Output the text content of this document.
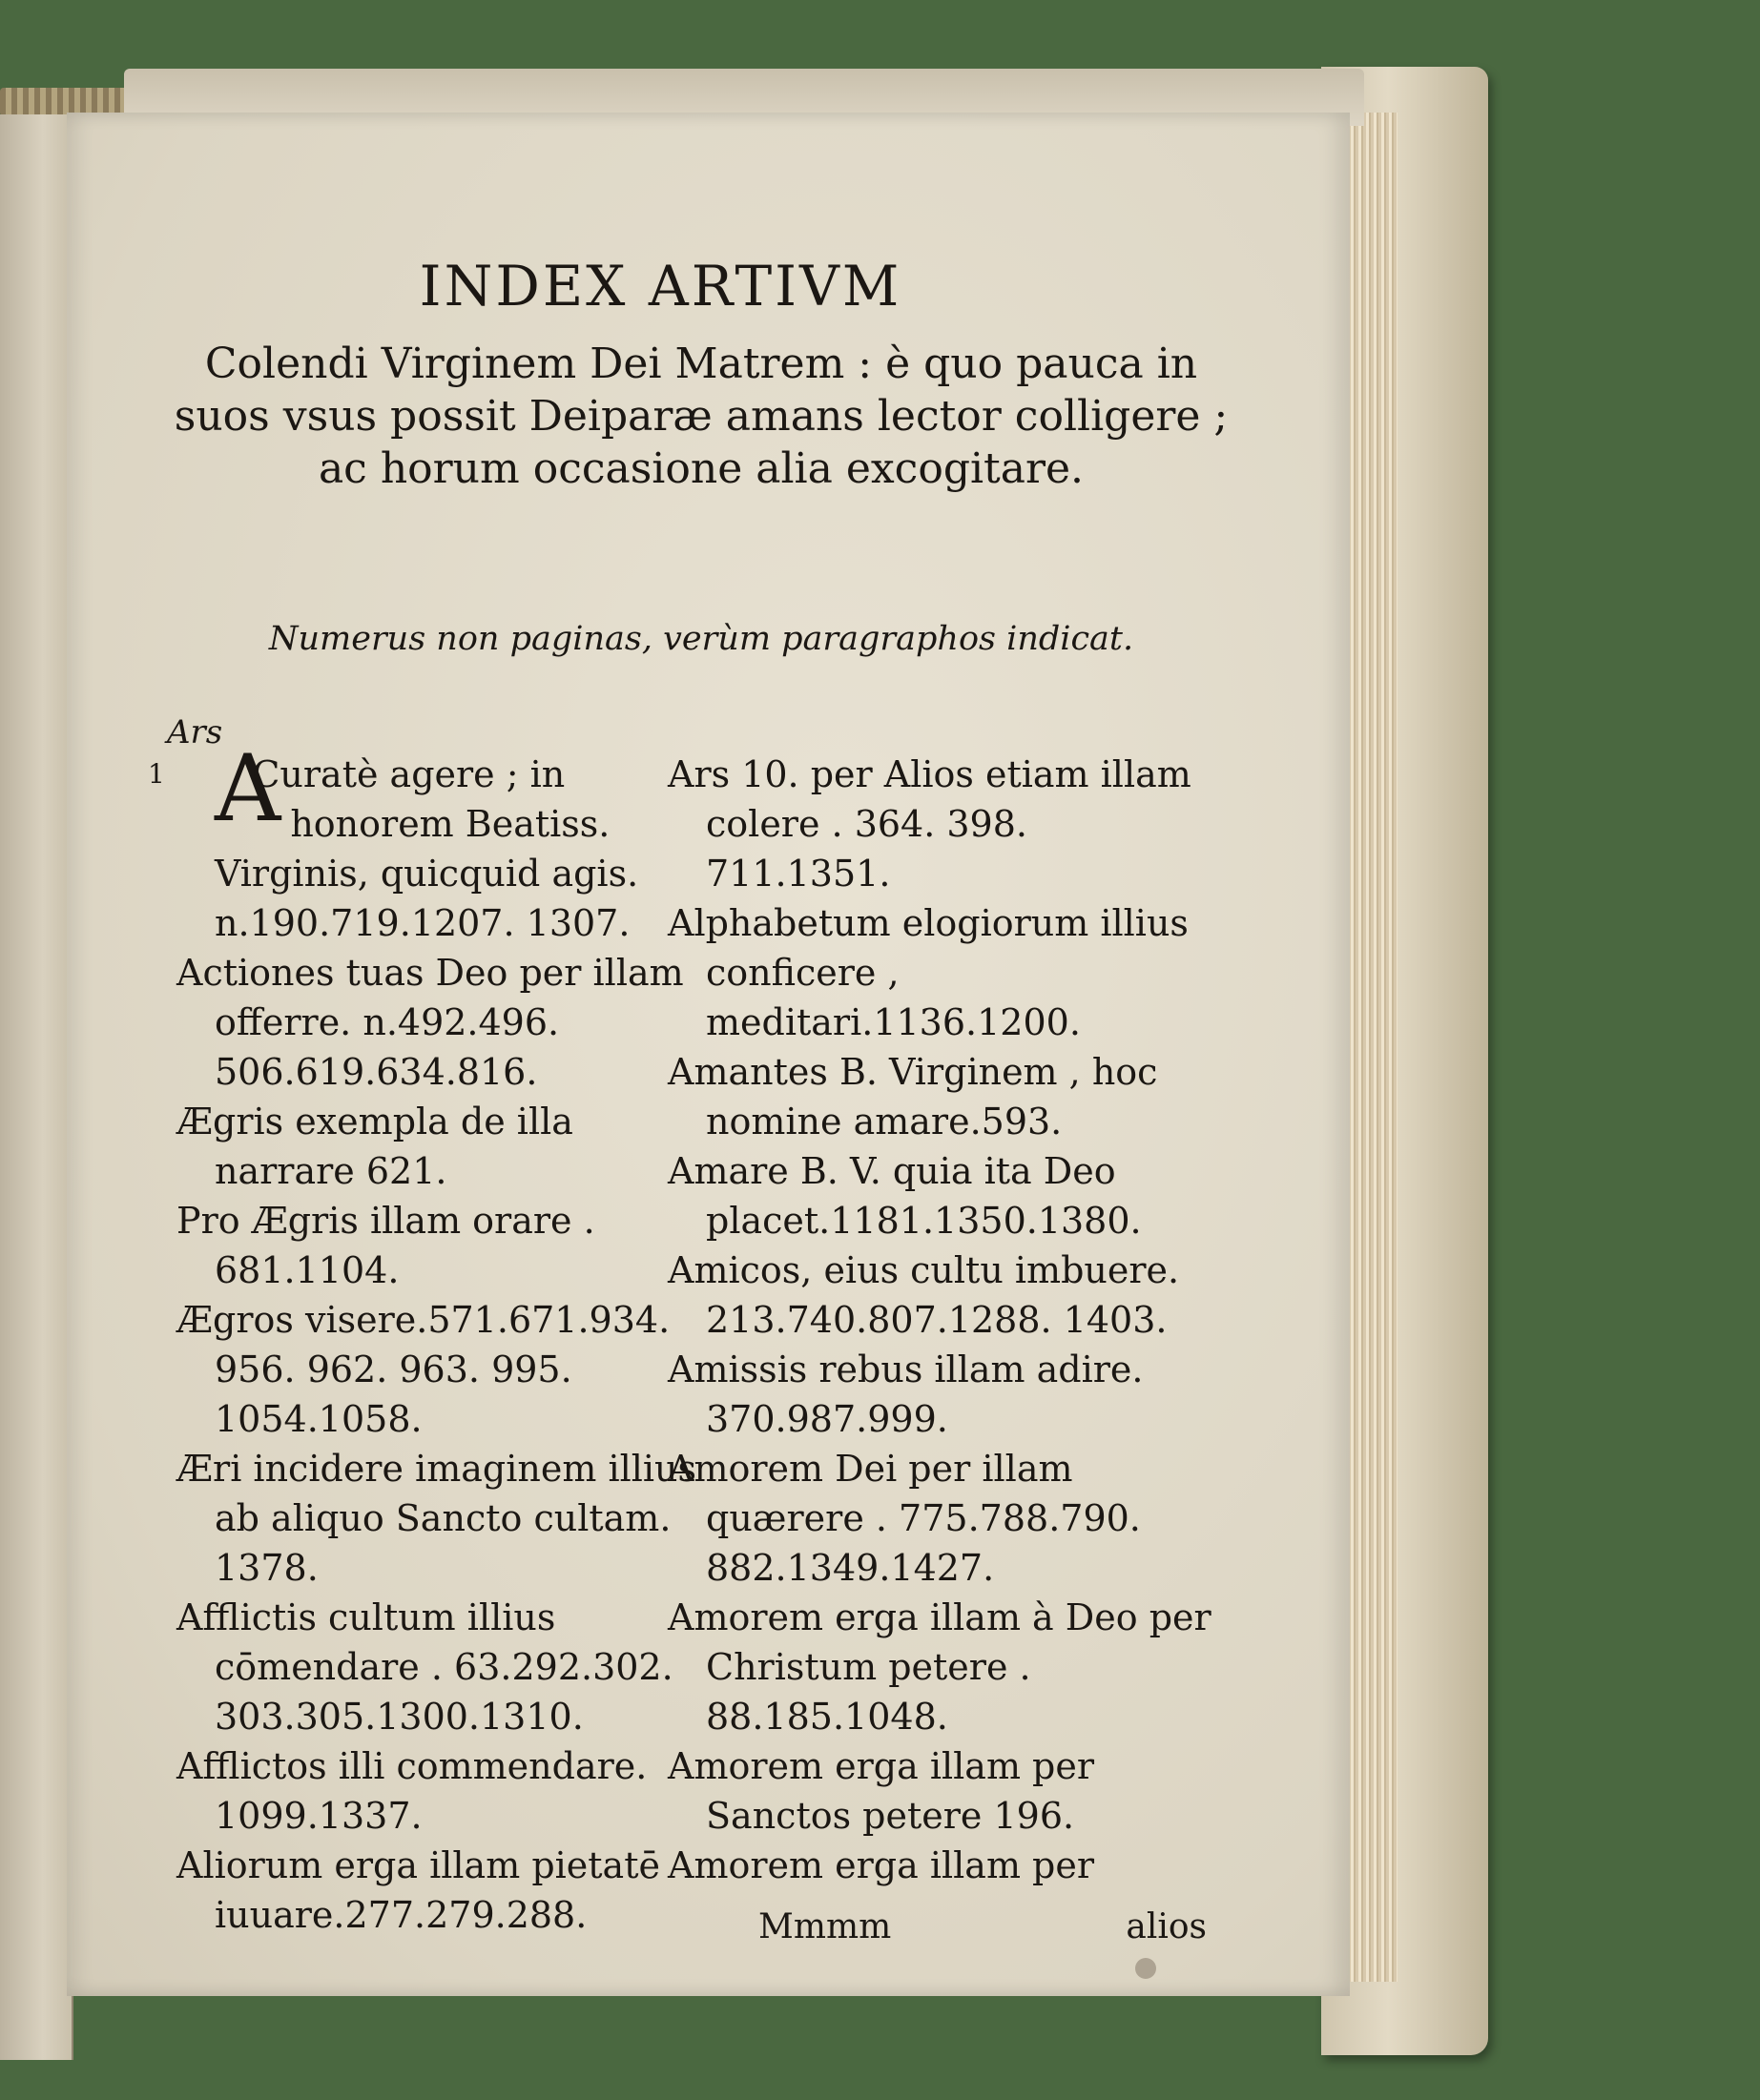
INDEX ARTIVM
Colendi Virginem Dei Matrem : è quo pauca in suos vsus possit Deiparæ amans lector colligere ; ac horum occasione alia excogitare.
Numerus non paginas, verùm paragraphos indicat.
Ars
1 A
Curatè agere ; in honorem Beatiss. Virginis, quicquid agis. n.190.719.1207. 1307.
Actiones tuas Deo per illam offerre. n.492.496. 506.619.634.816.
Ægris exempla de illa narrare 621.
Pro Ægris illam orare . 681.1104.
Ægros visere.571.671.934. 956. 962. 963. 995. 1054.1058.
Æri incidere imaginem illius ab aliquo Sancto cultam. 1378.
Afflictis cultum illius cōmendare . 63.292.302. 303.305.1300.1310.
Afflictos illi commendare. 1099.1337.
Aliorum erga illam pietatē iuuare.277.279.288.
Ars 10. per Alios etiam illam colere . 364. 398. 711.1351.
Alphabetum elogiorum illius conficere , meditari.1136.1200.
Amantes B. Virginem , hoc nomine amare.593.
Amare B. V. quia ita Deo placet.1181.1350.1380.
Amicos, eius cultu imbuere. 213.740.807.1288. 1403.
Amissis rebus illam adire. 370.987.999.
Amorem Dei per illam quærere . 775.788.790. 882.1349.1427.
Amorem erga illam à Deo per Christum petere . 88.185.1048.
Amorem erga illam per Sanctos petere 196.
Amorem erga illam per
Mmmm	alios
